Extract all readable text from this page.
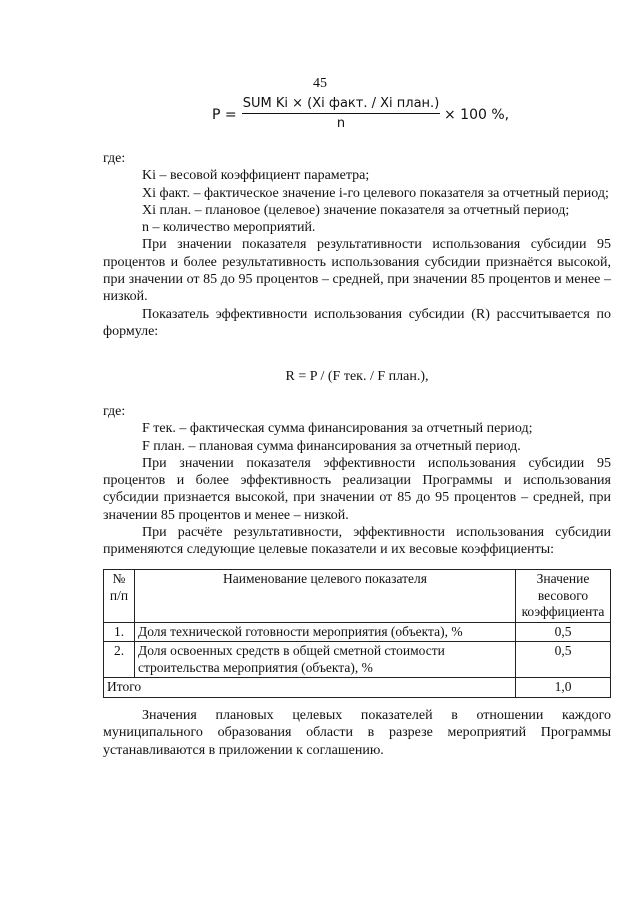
45
P =
SUM Ki × (Xi факт. / Xi план.)
n
× 100 %,

где:

Ki – весовой коэффициент параметра;

Xi факт. – фактическое значение i-го целевого показателя за отчетный период;

Xi план. – плановое (целевое) значение показателя за отчетный период;

n – количество мероприятий.

При значении показателя результативности использования субсидии 95 процентов и более результативность использования субсидии признаётся высокой, при значении от 85 до 95 процентов – средней, при значении 85 процентов и менее – низкой.

Показатель эффективности использования субсидии (R) рассчитывается по формуле:

R = P / (F тек. / F план.),

где:

F тек. – фактическая сумма финансирования за отчетный период;

F план. – плановая сумма финансирования за отчетный период.

При значении показателя эффективности использования субсидии 95 процентов и более эффективность реализации Программы и использования субсидии признается высокой, при значении от 85 до 95 процентов – средней, при значении 85 процентов и менее – низкой.

При расчёте результативности, эффективности использования субсидии применяются следующие целевые показатели и их весовые коэффициенты:

№ п/п	Наименование целевого показателя	Значение весового коэффициента
1.	Доля технической готовности мероприятия (объекта), %	0,5
2.	Доля освоенных средств в общей сметной стоимости строительства мероприятия (объекта), %	0,5
Итого		1,0

Значения плановых целевых показателей в отношении каждого муниципального образования области в разрезе мероприятий Программы устанавливаются в приложении к соглашению.
